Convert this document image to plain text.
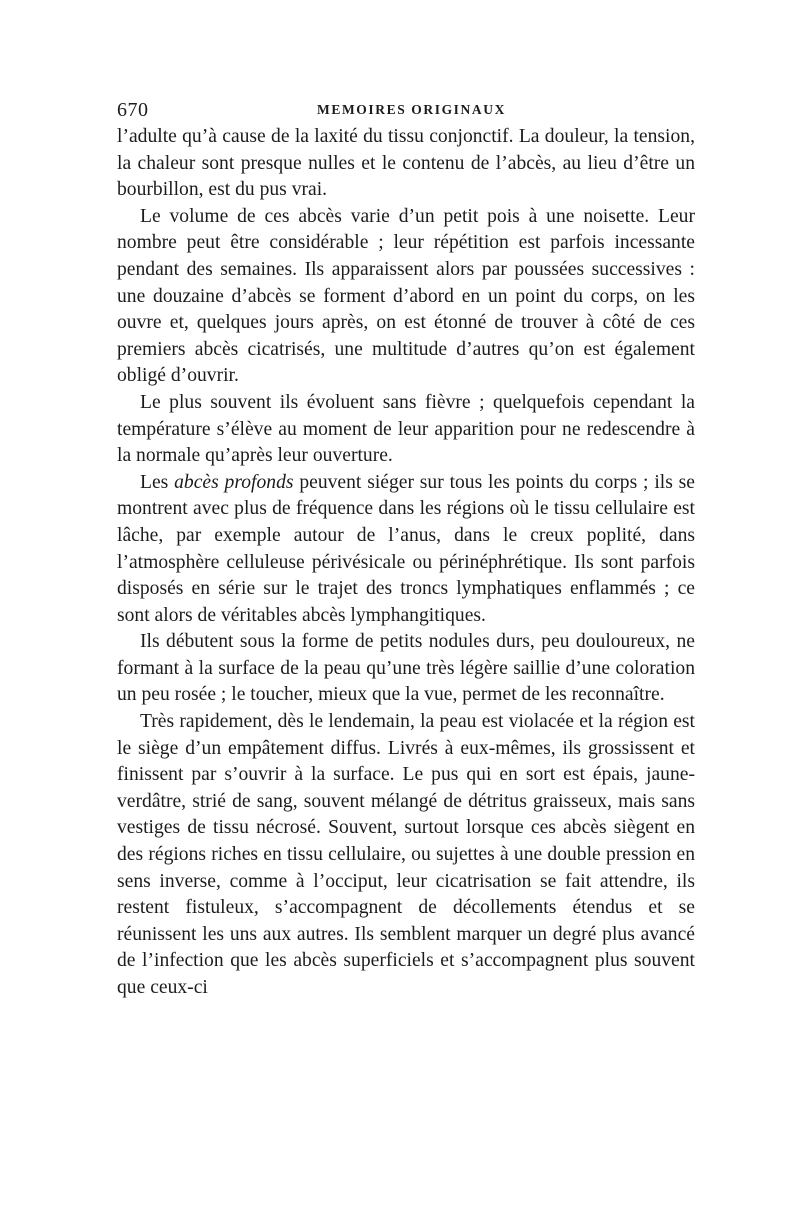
670	MEMOIRES ORIGINAUX

l’adulte qu’à cause de la laxité du tissu conjonctif. La douleur, la tension, la chaleur sont presque nulles et le contenu de l’abcès, au lieu d’être un bourbillon, est du pus vrai.

Le volume de ces abcès varie d’un petit pois à une noisette. Leur nombre peut être considérable ; leur répétition est parfois incessante pendant des semaines. Ils apparaissent alors par poussées successives : une douzaine d’abcès se forment d’abord en un point du corps, on les ouvre et, quelques jours après, on est étonné de trouver à côté de ces premiers abcès cicatrisés, une multitude d’autres qu’on est également obligé d’ouvrir.

Le plus souvent ils évoluent sans fièvre ; quelquefois cependant la température s’élève au moment de leur apparition pour ne redescendre à la normale qu’après leur ouverture.

Les abcès profonds peuvent siéger sur tous les points du corps ; ils se montrent avec plus de fréquence dans les régions où le tissu cellulaire est lâche, par exemple autour de l’anus, dans le creux poplité, dans l’atmosphère celluleuse périvésicale ou périnéphrétique. Ils sont parfois disposés en série sur le trajet des troncs lymphatiques enflammés ; ce sont alors de véritables abcès lymphangitiques.

Ils débutent sous la forme de petits nodules durs, peu douloureux, ne formant à la surface de la peau qu’une très légère saillie d’une coloration un peu rosée ; le toucher, mieux que la vue, permet de les reconnaître.

Très rapidement, dès le lendemain, la peau est violacée et la région est le siège d’un empâtement diffus. Livrés à eux-mêmes, ils grossissent et finissent par s’ouvrir à la surface. Le pus qui en sort est épais, jaune-verdâtre, strié de sang, souvent mélangé de détritus graisseux, mais sans vestiges de tissu nécrosé. Souvent, surtout lorsque ces abcès siègent en des régions riches en tissu cellulaire, ou sujettes à une double pression en sens inverse, comme à l’occiput, leur cicatrisation se fait attendre, ils restent fistuleux, s’accompagnent de décollements étendus et se réunissent les uns aux autres. Ils semblent marquer un degré plus avancé de l’infection que les abcès superficiels et s’accompagnent plus souvent que ceux-ci
